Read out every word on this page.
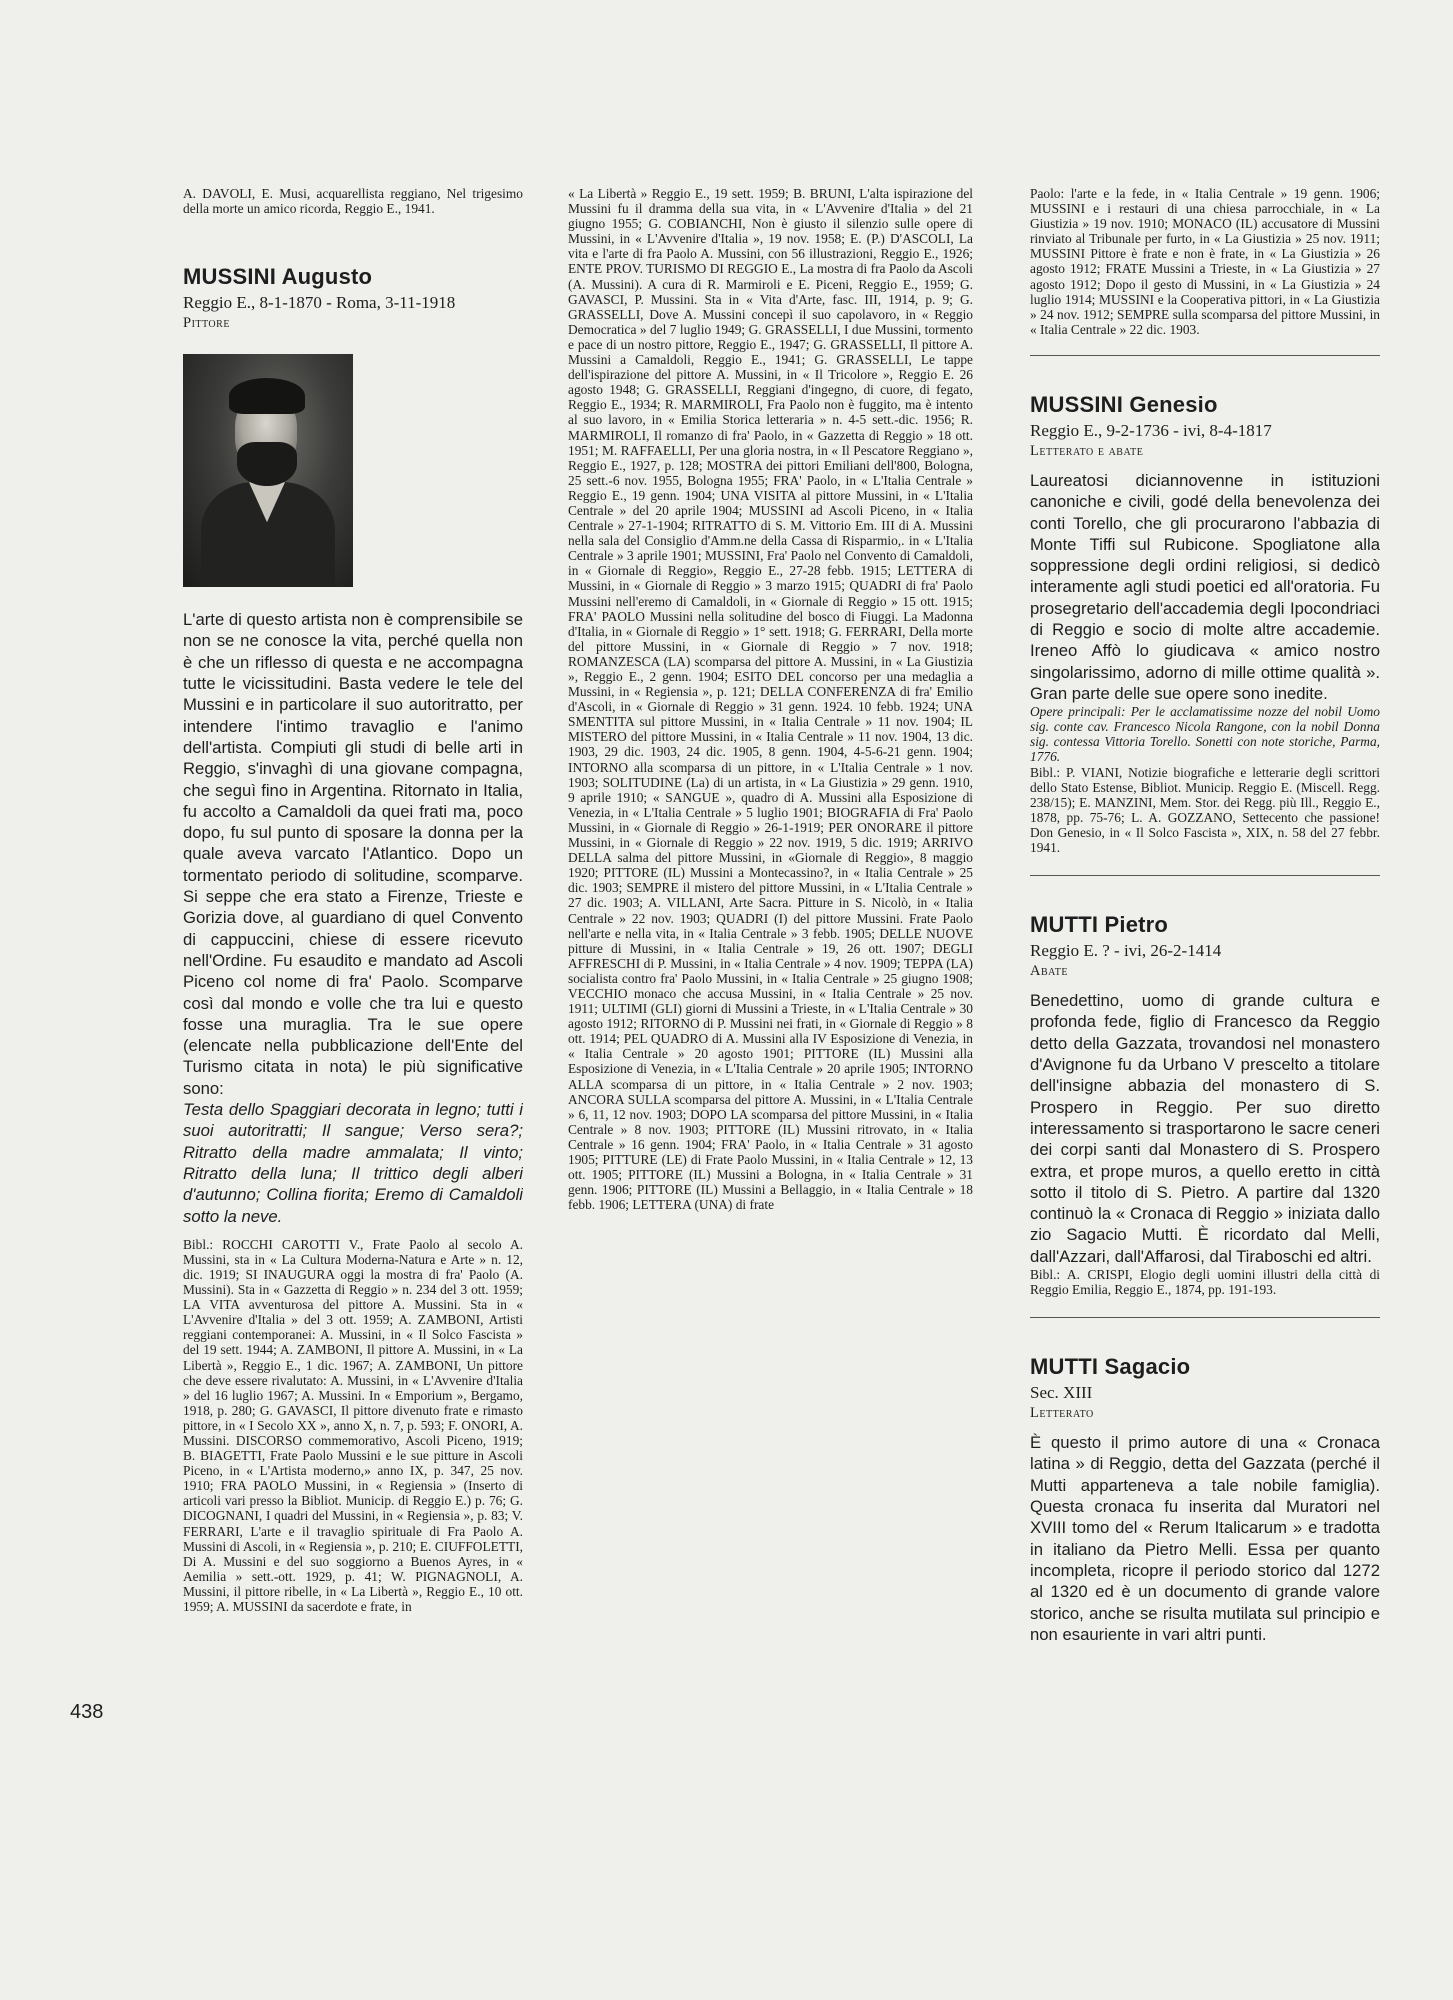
A. DAVOLI, E. Musi, acquarellista reggiano, Nel trigesimo della morte un amico ricorda, Reggio E., 1941.

MUSSINI Augusto

Reggio E., 8-1-1870 - Roma, 3-11-1918

Pittore

L'arte di questo artista non è comprensibile se non se ne conosce la vita, perché quella non è che un riflesso di questa e ne accompagna tutte le vicissitudini. Basta vedere le tele del Mussini e in particolare il suo autoritratto, per intendere l'intimo travaglio e l'animo dell'artista. Compiuti gli studi di belle arti in Reggio, s'invaghì di una giovane compagna, che seguì fino in Argentina. Ritornato in Italia, fu accolto a Camaldoli da quei frati ma, poco dopo, fu sul punto di sposare la donna per la quale aveva varcato l'Atlantico. Dopo un tormentato periodo di solitudine, scomparve. Si seppe che era stato a Firenze, Trieste e Gorizia dove, al guardiano di quel Convento di cappuccini, chiese di essere ricevuto nell'Ordine. Fu esaudito e mandato ad Ascoli Piceno col nome di fra' Paolo. Scomparve così dal mondo e volle che tra lui e questo fosse una muraglia. Tra le sue opere (elencate nella pubblicazione dell'Ente del Turismo citata in nota) le più significative sono:

Testa dello Spaggiari decorata in legno; tutti i suoi autoritratti; Il sangue; Verso sera?; Ritratto della madre ammalata; Il vinto; Ritratto della luna; Il trittico degli alberi d'autunno; Collina fiorita; Eremo di Camaldoli sotto la neve.

Bibl.: ROCCHI CAROTTI V., Frate Paolo al secolo A. Mussini, sta in « La Cultura Moderna-Natura e Arte » n. 12, dic. 1919; SI INAUGURA oggi la mostra di fra' Paolo (A. Mussini). Sta in « Gazzetta di Reggio » n. 234 del 3 ott. 1959; LA VITA avventurosa del pittore A. Mussini. Sta in « L'Avvenire d'Italia » del 3 ott. 1959; A. ZAMBONI, Artisti reggiani contemporanei: A. Mussini, in « Il Solco Fascista » del 19 sett. 1944; A. ZAMBONI, Il pittore A. Mussini, in « La Libertà », Reggio E., 1 dic. 1967; A. ZAMBONI, Un pittore che deve essere rivalutato: A. Mussini, in « L'Avvenire d'Italia » del 16 luglio 1967; A. Mussini. In « Emporium », Bergamo, 1918, p. 280; G. GAVASCI, Il pittore divenuto frate e rimasto pittore, in « I Secolo XX », anno X, n. 7, p. 593; F. ONORI, A. Mussini. DISCORSO commemorativo, Ascoli Piceno, 1919; B. BIAGETTI, Frate Paolo Mussini e le sue pitture in Ascoli Piceno, in « L'Artista moderno,» anno IX, p. 347, 25 nov. 1910; FRA PAOLO Mussini, in « Regiensia » (Inserto di articoli vari presso la Bibliot. Municip. di Reggio E.) p. 76; G. DICOGNANI, I quadri del Mussini, in « Regiensia », p. 83; V. FERRARI, L'arte e il travaglio spirituale di Fra Paolo A. Mussini di Ascoli, in « Regiensia », p. 210; E. CIUFFOLETTI, Di A. Mussini e del suo soggiorno a Buenos Ayres, in « Aemilia » sett.-ott. 1929, p. 41; W. PIGNAGNOLI, A. Mussini, il pittore ribelle, in « La Libertà », Reggio E., 10 ott. 1959; A. MUSSINI da sacerdote e frate, in

« La Libertà » Reggio E., 19 sett. 1959; B. BRUNI, L'alta ispirazione del Mussini fu il dramma della sua vita, in « L'Avvenire d'Italia » del 21 giugno 1955; G. COBIANCHI, Non è giusto il silenzio sulle opere di Mussini, in « L'Avvenire d'Italia », 19 nov. 1958; E. (P.) D'ASCOLI, La vita e l'arte di fra Paolo A. Mussini, con 56 illustrazioni, Reggio E., 1926; ENTE PROV. TURISMO DI REGGIO E., La mostra di fra Paolo da Ascoli (A. Mussini). A cura di R. Marmiroli e E. Piceni, Reggio E., 1959; G. GAVASCI, P. Mussini. Sta in « Vita d'Arte, fasc. III, 1914, p. 9; G. GRASSELLI, Dove A. Mussini concepì il suo capolavoro, in « Reggio Democratica » del 7 luglio 1949; G. GRASSELLI, I due Mussini, tormento e pace di un nostro pittore, Reggio E., 1947; G. GRASSELLI, Il pittore A. Mussini a Camaldoli, Reggio E., 1941; G. GRASSELLI, Le tappe dell'ispirazione del pittore A. Mussini, in « Il Tricolore », Reggio E. 26 agosto 1948; G. GRASSELLI, Reggiani d'ingegno, di cuore, di fegato, Reggio E., 1934; R. MARMIROLI, Fra Paolo non è fuggito, ma è intento al suo lavoro, in « Emilia Storica letteraria » n. 4-5 sett.-dic. 1956; R. MARMIROLI, Il romanzo di fra' Paolo, in « Gazzetta di Reggio » 18 ott. 1951; M. RAFFAELLI, Per una gloria nostra, in « Il Pescatore Reggiano », Reggio E., 1927, p. 128; MOSTRA dei pittori Emiliani dell'800, Bologna, 25 sett.-6 nov. 1955, Bologna 1955; FRA' Paolo, in « L'Italia Centrale » Reggio E., 19 genn. 1904; UNA VISITA al pittore Mussini, in « L'Italia Centrale » del 20 aprile 1904; MUSSINI ad Ascoli Piceno, in « Italia Centrale » 27-1-1904; RITRATTO di S. M. Vittorio Em. III di A. Mussini nella sala del Consiglio d'Amm.ne della Cassa di Risparmio,. in « L'Italia Centrale » 3 aprile 1901; MUSSINI, Fra' Paolo nel Convento di Camaldoli, in « Giornale di Reggio», Reggio E., 27-28 febb. 1915; LETTERA di Mussini, in « Giornale di Reggio » 3 marzo 1915; QUADRI di fra' Paolo Mussini nell'eremo di Camaldoli, in « Giornale di Reggio » 15 ott. 1915; FRA' PAOLO Mussini nella solitudine del bosco di Fiuggi. La Madonna d'Italia, in « Giornale di Reggio » 1° sett. 1918; G. FERRARI, Della morte del pittore Mussini, in « Giornale di Reggio » 7 nov. 1918; ROMANZESCA (LA) scomparsa del pittore A. Mussini, in « La Giustizia », Reggio E., 2 genn. 1904; ESITO DEL concorso per una medaglia a Mussini, in « Regiensia », p. 121; DELLA CONFERENZA di fra' Emilio d'Ascoli, in « Giornale di Reggio » 31 genn. 1924. 10 febb. 1924; UNA SMENTITA sul pittore Mussini, in « Italia Centrale » 11 nov. 1904; IL MISTERO del pittore Mussini, in « Italia Centrale » 11 nov. 1904, 13 dic. 1903, 29 dic. 1903, 24 dic. 1905, 8 genn. 1904, 4-5-6-21 genn. 1904; INTORNO alla scomparsa di un pittore, in « L'Italia Centrale » 1 nov. 1903; SOLITUDINE (La) di un artista, in « La Giustizia » 29 genn. 1910, 9 aprile 1910; « SANGUE », quadro di A. Mussini alla Esposizione di Venezia, in « L'Italia Centrale » 5 luglio 1901; BIOGRAFIA di Fra' Paolo Mussini, in « Giornale di Reggio » 26-1-1919; PER ONORARE il pittore Mussini, in « Giornale di Reggio » 22 nov. 1919, 5 dic. 1919; ARRIVO DELLA salma del pittore Mussini, in «Giornale di Reggio», 8 maggio 1920; PITTORE (IL) Mussini a Montecassino?, in « Italia Centrale » 25 dic. 1903; SEMPRE il mistero del pittore Mussini, in « L'Italia Centrale » 27 dic. 1903; A. VILLANI, Arte Sacra. Pitture in S. Nicolò, in « Italia Centrale » 22 nov. 1903; QUADRI (I) del pittore Mussini. Frate Paolo nell'arte e nella vita, in « Italia Centrale » 3 febb. 1905; DELLE NUOVE pitture di Mussini, in « Italia Centrale » 19, 26 ott. 1907; DEGLI AFFRESCHI di P. Mussini, in « Italia Centrale » 4 nov. 1909; TEPPA (LA) socialista contro fra' Paolo Mussini, in « Italia Centrale » 25 giugno 1908; VECCHIO monaco che accusa Mussini, in « Italia Centrale » 25 nov. 1911; ULTIMI (GLI) giorni di Mussini a Trieste, in « L'Italia Centrale » 30 agosto 1912; RITORNO di P. Mussini nei frati, in « Giornale di Reggio » 8 ott. 1914; PEL QUADRO di A. Mussini alla IV Esposizione di Venezia, in « Italia Centrale » 20 agosto 1901; PITTORE (IL) Mussini alla Esposizione di Venezia, in « L'Italia Centrale » 20 aprile 1905; INTORNO ALLA scomparsa di un pittore, in « Italia Centrale » 2 nov. 1903; ANCORA SULLA scomparsa del pittore A. Mussini, in « L'Italia Centrale » 6, 11, 12 nov. 1903; DOPO LA scomparsa del pittore Mussini, in « Italia Centrale » 8 nov. 1903; PITTORE (IL) Mussini ritrovato, in « Italia Centrale » 16 genn. 1904; FRA' Paolo, in « Italia Centrale » 31 agosto 1905; PITTURE (LE) di Frate Paolo Mussini, in « Italia Centrale » 12, 13 ott. 1905; PITTORE (IL) Mussini a Bologna, in « Italia Centrale » 31 genn. 1906; PITTORE (IL) Mussini a Bellaggio, in « Italia Centrale » 18 febb. 1906; LETTERA (UNA) di frate

Paolo: l'arte e la fede, in « Italia Centrale » 19 genn. 1906; MUSSINI e i restauri di una chiesa parrocchiale, in « La Giustizia » 19 nov. 1910; MONACO (IL) accusatore di Mussini rinviato al Tribunale per furto, in « La Giustizia » 25 nov. 1911; MUSSINI Pittore è frate e non è frate, in « La Giustizia » 26 agosto 1912; FRATE Mussini a Trieste, in « La Giustizia » 27 agosto 1912; Dopo il gesto di Mussini, in « La Giustizia » 24 luglio 1914; MUSSINI e la Cooperativa pittori, in « La Giustizia » 24 nov. 1912; SEMPRE sulla scomparsa del pittore Mussini, in « Italia Centrale » 22 dic. 1903.

MUSSINI Genesio

Reggio E., 9-2-1736 - ivi, 8-4-1817

Letterato e abate

Laureatosi diciannovenne in istituzioni canoniche e civili, godé della benevolenza dei conti Torello, che gli procurarono l'abbazia di Monte Tiffi sul Rubicone. Spogliatone alla soppressione degli ordini religiosi, si dedicò interamente agli studi poetici ed all'oratoria. Fu prosegretario dell'accademia degli Ipocondriaci di Reggio e socio di molte altre accademie. Ireneo Affò lo giudicava « amico nostro singolarissimo, adorno di mille ottime qualità ». Gran parte delle sue opere sono inedite.

Opere principali: Per le acclamatissime nozze del nobil Uomo sig. conte cav. Francesco Nicola Rangone, con la nobil Donna sig. contessa Vittoria Torello. Sonetti con note storiche, Parma, 1776.

Bibl.: P. VIANI, Notizie biografiche e letterarie degli scrittori dello Stato Estense, Bibliot. Municip. Reggio E. (Miscell. Regg. 238/15); E. MANZINI, Mem. Stor. dei Regg. più Ill., Reggio E., 1878, pp. 75-76; L. A. GOZZANO, Settecento che passione! Don Genesio, in « Il Solco Fascista », XIX, n. 58 del 27 febbr. 1941.

MUTTI Pietro

Reggio E. ? - ivi, 26-2-1414

Abate

Benedettino, uomo di grande cultura e profonda fede, figlio di Francesco da Reggio detto della Gazzata, trovandosi nel monastero d'Avignone fu da Urbano V prescelto a titolare dell'insigne abbazia del monastero di S. Prospero in Reggio. Per suo diretto interessamento si trasportarono le sacre ceneri dei corpi santi dal Monastero di S. Prospero extra, et prope muros, a quello eretto in città sotto il titolo di S. Pietro. A partire dal 1320 continuò la « Cronaca di Reggio » iniziata dallo zio Sagacio Mutti. È ricordato dal Melli, dall'Azzari, dall'Affarosi, dal Tiraboschi ed altri.

Bibl.: A. CRISPI, Elogio degli uomini illustri della città di Reggio Emilia, Reggio E., 1874, pp. 191-193.

MUTTI Sagacio

Sec. XIII

Letterato

È questo il primo autore di una « Cronaca latina » di Reggio, detta del Gazzata (perché il Mutti apparteneva a tale nobile famiglia). Questa cronaca fu inserita dal Muratori nel XVIII tomo del « Rerum Italicarum » e tradotta in italiano da Pietro Melli. Essa per quanto incompleta, ricopre il periodo storico dal 1272 al 1320 ed è un documento di grande valore storico, anche se risulta mutilata sul principio e non esauriente in vari altri punti.

438
